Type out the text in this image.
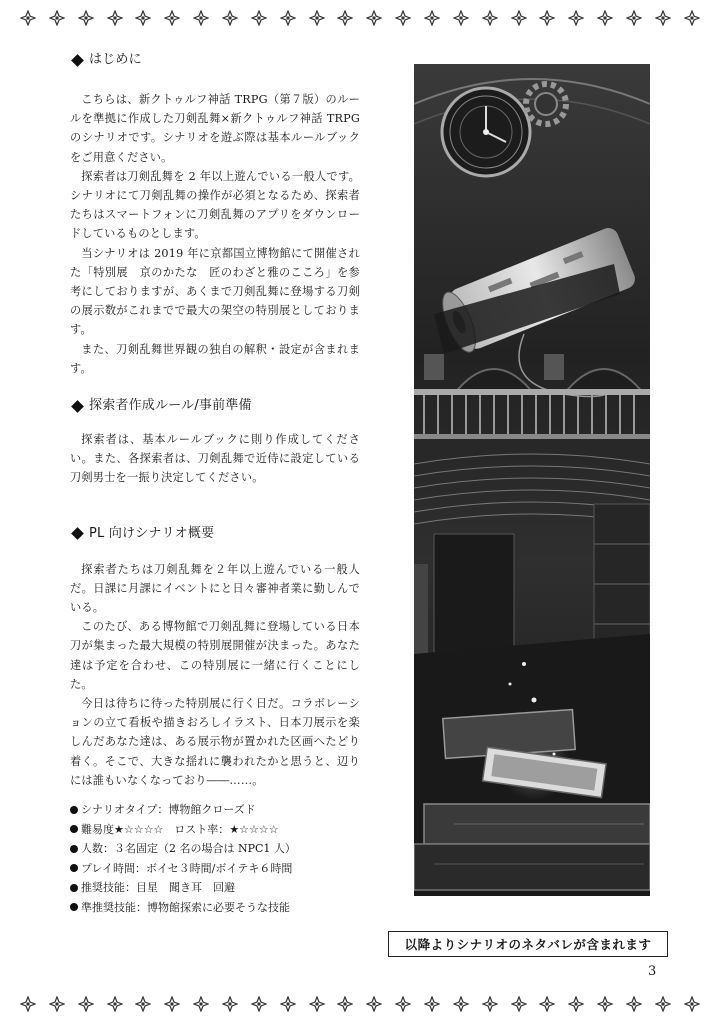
はじめに

こちらは、新クトゥルフ神話 TRPG（第７版）のルールを準拠に作成した刀剣乱舞×新クトゥルフ神話 TRPG のシナリオです。シナリオを遊ぶ際は基本ルールブックをご用意ください。

探索者は刀剣乱舞を 2 年以上遊んでいる一般人です。シナリオにて刀剣乱舞の操作が必須となるため、探索者たちはスマートフォンに刀剣乱舞のアプリをダウンロードしているものとします。

当シナリオは 2019 年に京都国立博物館にて開催された「特別展　京のかたな　匠のわざと雅のこころ」を参考にしておりますが、あくまで刀剣乱舞に登場する刀剣の展示数がこれまでで最大の架空の特別展としております。

また、刀剣乱舞世界観の独自の解釈・設定が含まれます。

探索者作成ルール/事前準備

探索者は、基本ルールブックに則り作成してください。また、各探索者は、刀剣乱舞で近侍に設定している刀剣男士を一振り決定してください。

PL 向けシナリオ概要

探索者たちは刀剣乱舞を２年以上遊んでいる一般人だ。日課に月課にイベントにと日々審神者業に勤しんでいる。

このたび、ある博物館で刀剣乱舞に登場している日本刀が集まった最大規模の特別展開催が決まった。あなた達は予定を合わせ、この特別展に一緒に行くことにした。

今日は待ちに待った特別展に行く日だ。コラボレーションの立て看板や描きおろしイラスト、日本刀展示を楽しんだあなた達は、ある展示物が置かれた区画へたどり着く。そこで、大きな揺れに襲われたかと思うと、辺りには誰もいなくなっており――……。

シナリオタイプ：博物館クローズド
難易度 ★☆☆☆☆ 　ロスト率： ★☆☆☆☆
人数：３名固定（2 名の場合は NPC1 人）
プレイ時間：ボイセ３時間/ボイテキ６時間
推奨技能：目星　聞き耳　回避
準推奨技能：博物館探索に必要そうな技能
以降よりシナリオのネタバレが含まれます
3
